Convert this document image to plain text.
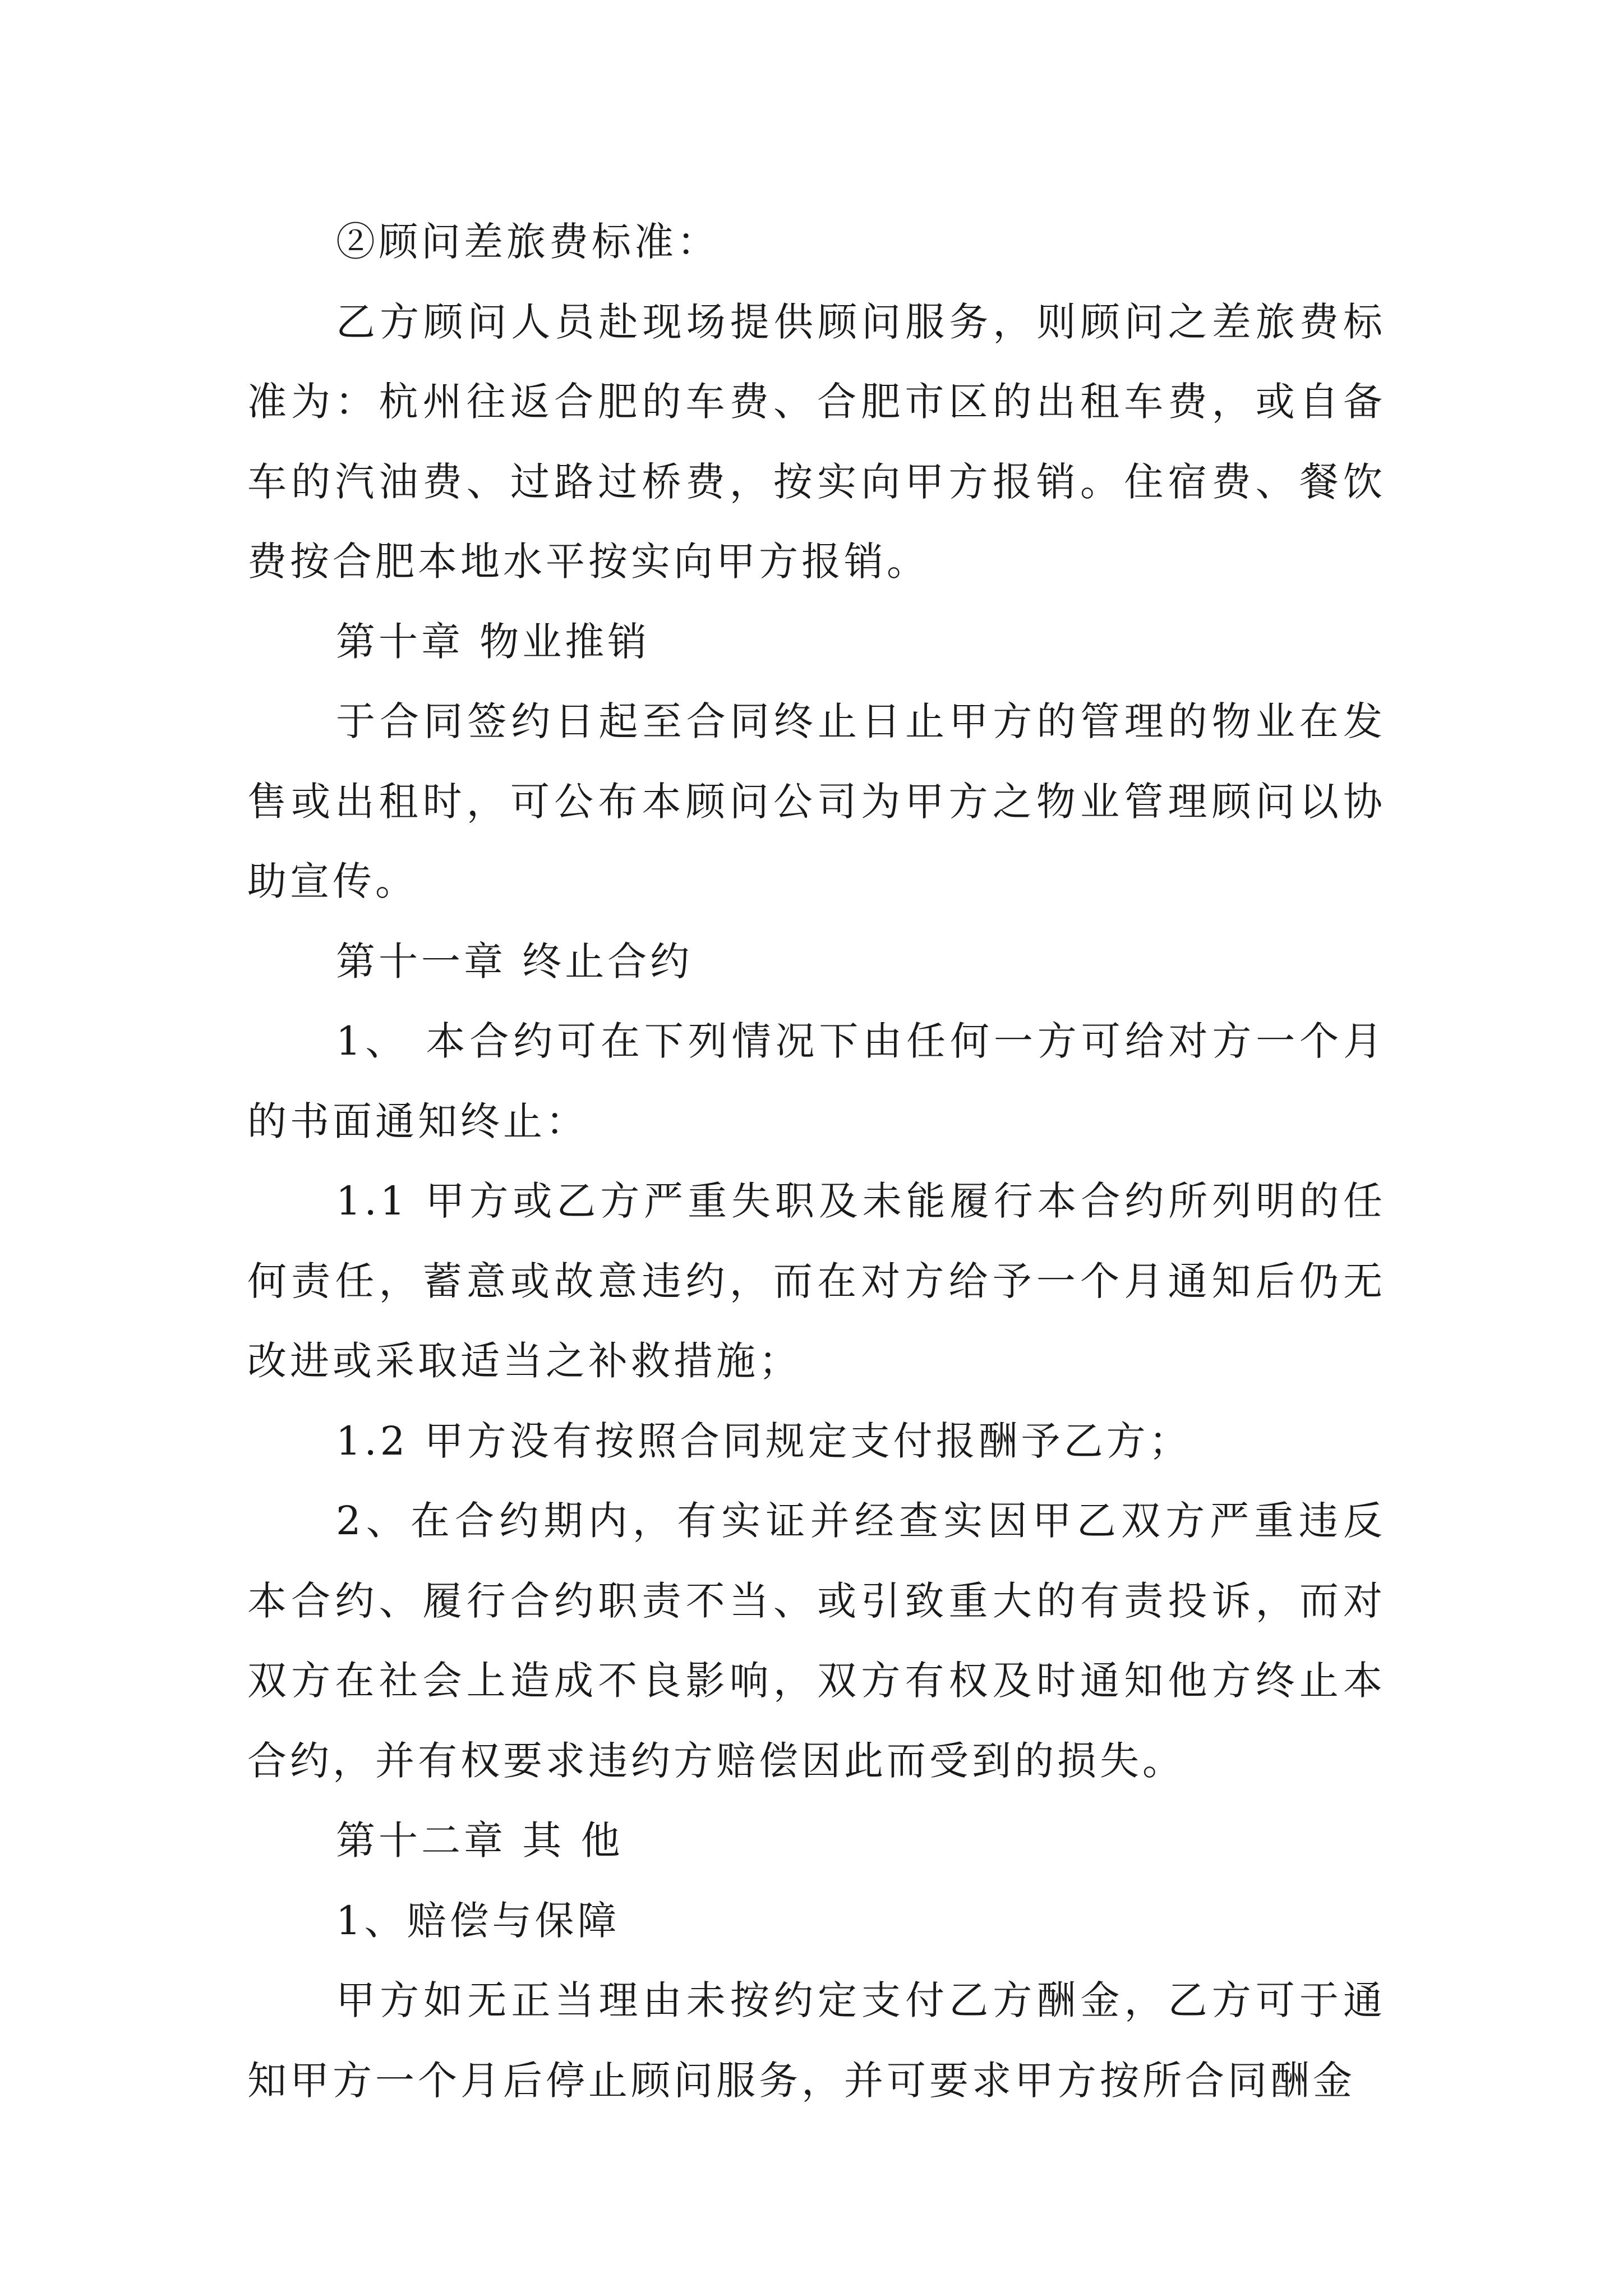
②顾问差旅费标准：

乙方顾问人员赴现场提供顾问服务，则顾问之差旅费标准为：杭州往返合肥的车费、合肥市区的出租车费，或自备车的汽油费、过路过桥费，按实向甲方报销。住宿费、餐饮费按合肥本地水平按实向甲方报销。

第十章 物业推销

于合同签约日起至合同终止日止甲方的管理的物业在发售或出租时，可公布本顾问公司为甲方之物业管理顾问以协助宣传。

第十一章 终止合约

1、 本合约可在下列情况下由任何一方可给对方一个月的书面通知终止：

1.1 甲方或乙方严重失职及未能履行本合约所列明的任何责任，蓄意或故意违约，而在对方给予一个月通知后仍无改进或采取适当之补救措施；

1.2 甲方没有按照合同规定支付报酬予乙方；

2、在合约期内，有实证并经查实因甲乙双方严重违反本合约、履行合约职责不当、或引致重大的有责投诉，而对双方在社会上造成不良影响，双方有权及时通知他方终止本合约，并有权要求违约方赔偿因此而受到的损失。

第十二章 其 他

1、赔偿与保障

甲方如无正当理由未按约定支付乙方酬金，乙方可于通知甲方一个月后停止顾问服务，并可要求甲方按所合同酬金
